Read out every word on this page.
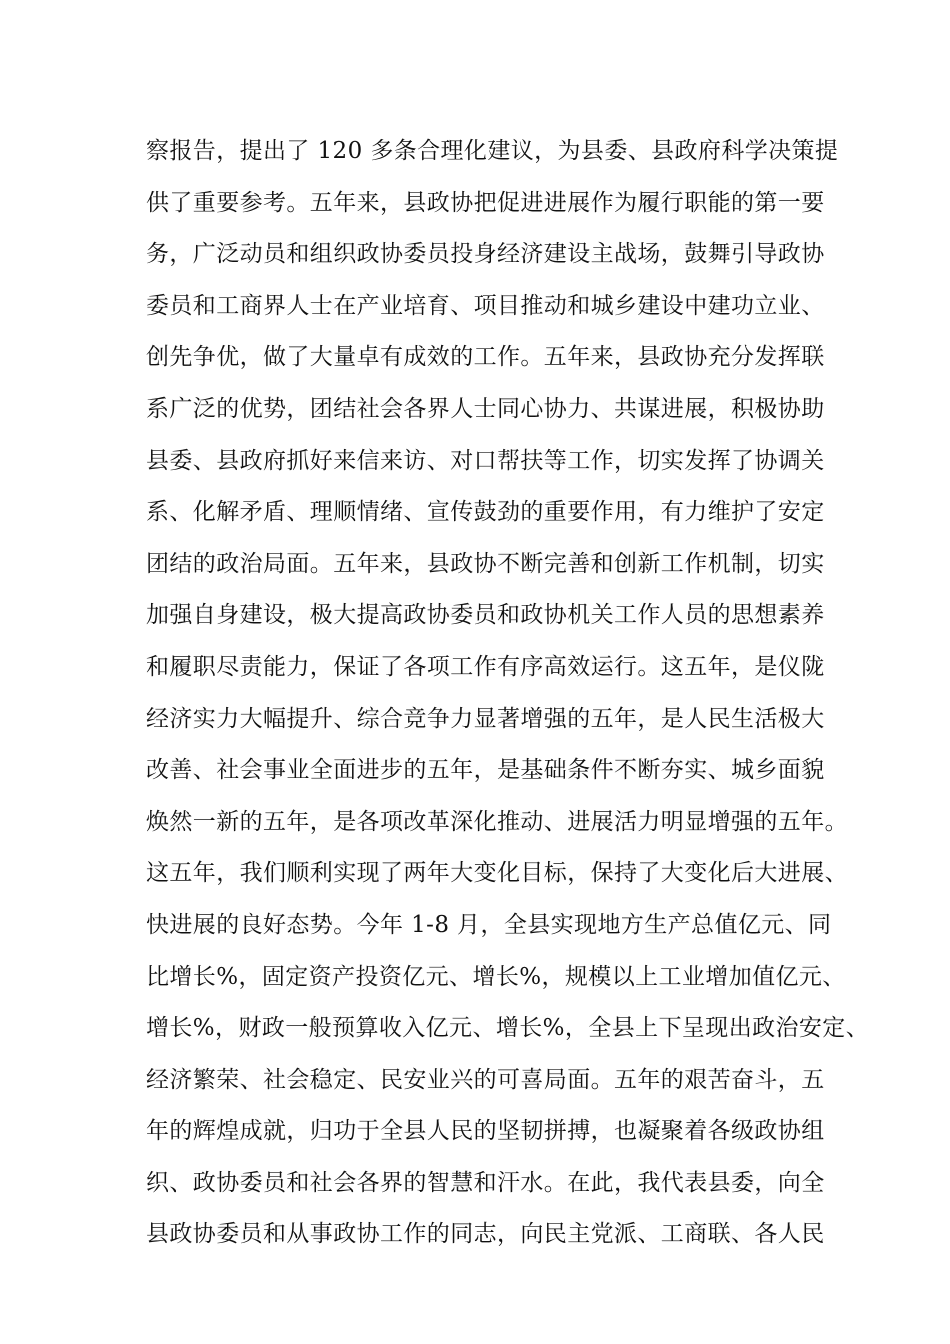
察报告，提出了 120 多条合理化建议，为县委、县政府科学决策提
供了重要参考。五年来，县政协把促进进展作为履行职能的第一要
务，广泛动员和组织政协委员投身经济建设主战场，鼓舞引导政协
委员和工商界人士在产业培育、项目推动和城乡建设中建功立业、
创先争优，做了大量卓有成效的工作。五年来，县政协充分发挥联
系广泛的优势，团结社会各界人士同心协力、共谋进展，积极协助
县委、县政府抓好来信来访、对口帮扶等工作，切实发挥了协调关
系、化解矛盾、理顺情绪、宣传鼓劲的重要作用，有力维护了安定
团结的政治局面。五年来，县政协不断完善和创新工作机制，切实
加强自身建设，极大提高政协委员和政协机关工作人员的思想素养
和履职尽责能力，保证了各项工作有序高效运行。这五年，是仪陇
经济实力大幅提升、综合竞争力显著增强的五年，是人民生活极大
改善、社会事业全面进步的五年，是基础条件不断夯实、城乡面貌
焕然一新的五年，是各项改革深化推动、进展活力明显增强的五年。
这五年，我们顺利实现了两年大变化目标，保持了大变化后大进展、
快进展的良好态势。今年 1-8 月，全县实现地方生产总值亿元、同
比增长%，固定资产投资亿元、增长%，规模以上工业增加值亿元、
增长%，财政一般预算收入亿元、增长%，全县上下呈现出政治安定、
经济繁荣、社会稳定、民安业兴的可喜局面。五年的艰苦奋斗，五
年的辉煌成就，归功于全县人民的坚韧拼搏，也凝聚着各级政协组
织、政协委员和社会各界的智慧和汗水。在此，我代表县委，向全
县政协委员和从事政协工作的同志，向民主党派、工商联、各人民
